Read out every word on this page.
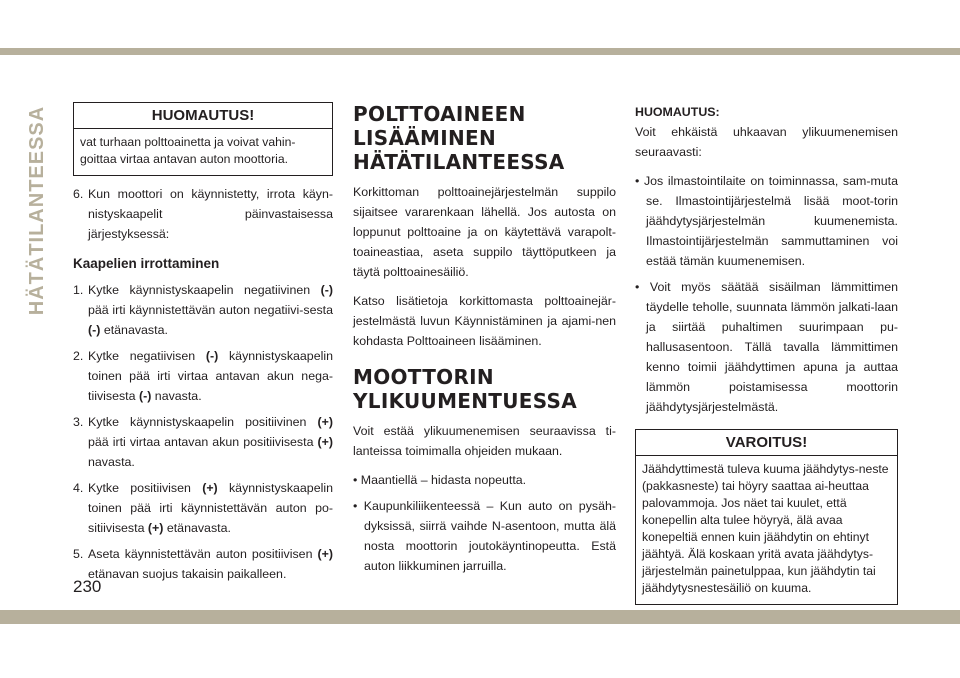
HÄTÄTILANTEESSA	HUOMAUTUS!
vat turhaan polttoainetta ja voivat vahin-goittaa virtaa antavan auton moottoria.
6. Kun moottori on käynnistetty, irrota käyn-nistyskaapelit päinvastaisessa järjestyksessä:
Kaapelien irrottaminen
1. Kytke käynnistyskaapelin negatiivinen (-) pää irti käynnistettävän auton negatiivi-sesta (-) etänavasta.
2. Kytke negatiivisen (-) käynnistyskaapelin toinen pää irti virtaa antavan akun nega-tiivisesta (-) navasta.
3. Kytke käynnistyskaapelin positiivinen (+) pää irti virtaa antavan akun positiivisesta (+) navasta.
4. Kytke positiivisen (+) käynnistyskaapelin toinen pää irti käynnistettävän auton po-sitiivisesta (+) etänavasta.
5. Aseta käynnistettävän auton positiivisen (+) etänavan suojus takaisin paikalleen.
POLTTOAINEEN
LISÄÄMINEN
HÄTÄTILANTEESSA

Korkittoman polttoainejärjestelmän suppilo sijaitsee vararenkaan lähellä. Jos autosta on loppunut polttoaine ja on käytettävä varapolt-toaineastiaa, aseta suppilo täyttöputkeen ja täytä polttoainesäiliö.

Katso lisätietoja korkittomasta polttoainejär-jestelmästä luvun Käynnistäminen ja ajami-nen kohdasta Polttoaineen lisääminen.

MOOTTORIN
YLIKUUMENTUESSA

Voit estää ylikuumenemisen seuraavissa ti-lanteissa toimimalla ohjeiden mukaan.

• Maantiellä – hidasta nopeutta.
• Kaupunkiliikenteessä – Kun auto on pysäh-dyksissä, siirrä vaihde N-asentoon, mutta älä nosta moottorin joutokäyntinopeutta. Estä auton liikkuminen jarruilla.
HUOMAUTUS:

Voit ehkäistä uhkaavan ylikuumenemisen seuraavasti:

• Jos ilmastointilaite on toiminnassa, sam-muta se. Ilmastointijärjestelmä lisää moot-torin jäähdytysjärjestelmän kuumenemista. Ilmastointijärjestelmän sammuttaminen voi estää tämän kuumenemisen.
• Voit myös säätää sisäilman lämmittimen täydelle teholle, suunnata lämmön jalkati-laan ja siirtää puhaltimen suurimpaan pu-hallusasentoon. Tällä tavalla lämmittimen kenno toimii jäähdyttimen apuna ja auttaa lämmön poistamisessa moottorin jäähdytysjärjestelmästä.
VAROITUS!
Jäähdyttimestä tuleva kuuma jäähdytys-neste (pakkasneste) tai höyry saattaa ai-heuttaa palovammoja. Jos näet tai kuulet, että konepellin alta tulee höyryä, älä avaa konepeltiä ennen kuin jäähdytin on ehtinyt jäähtyä. Älä koskaan yritä avata jäähdytys-järjestelmän painetulppaa, kun jäähdytin tai jäähdytysnestesäiliö on kuuma.
230
